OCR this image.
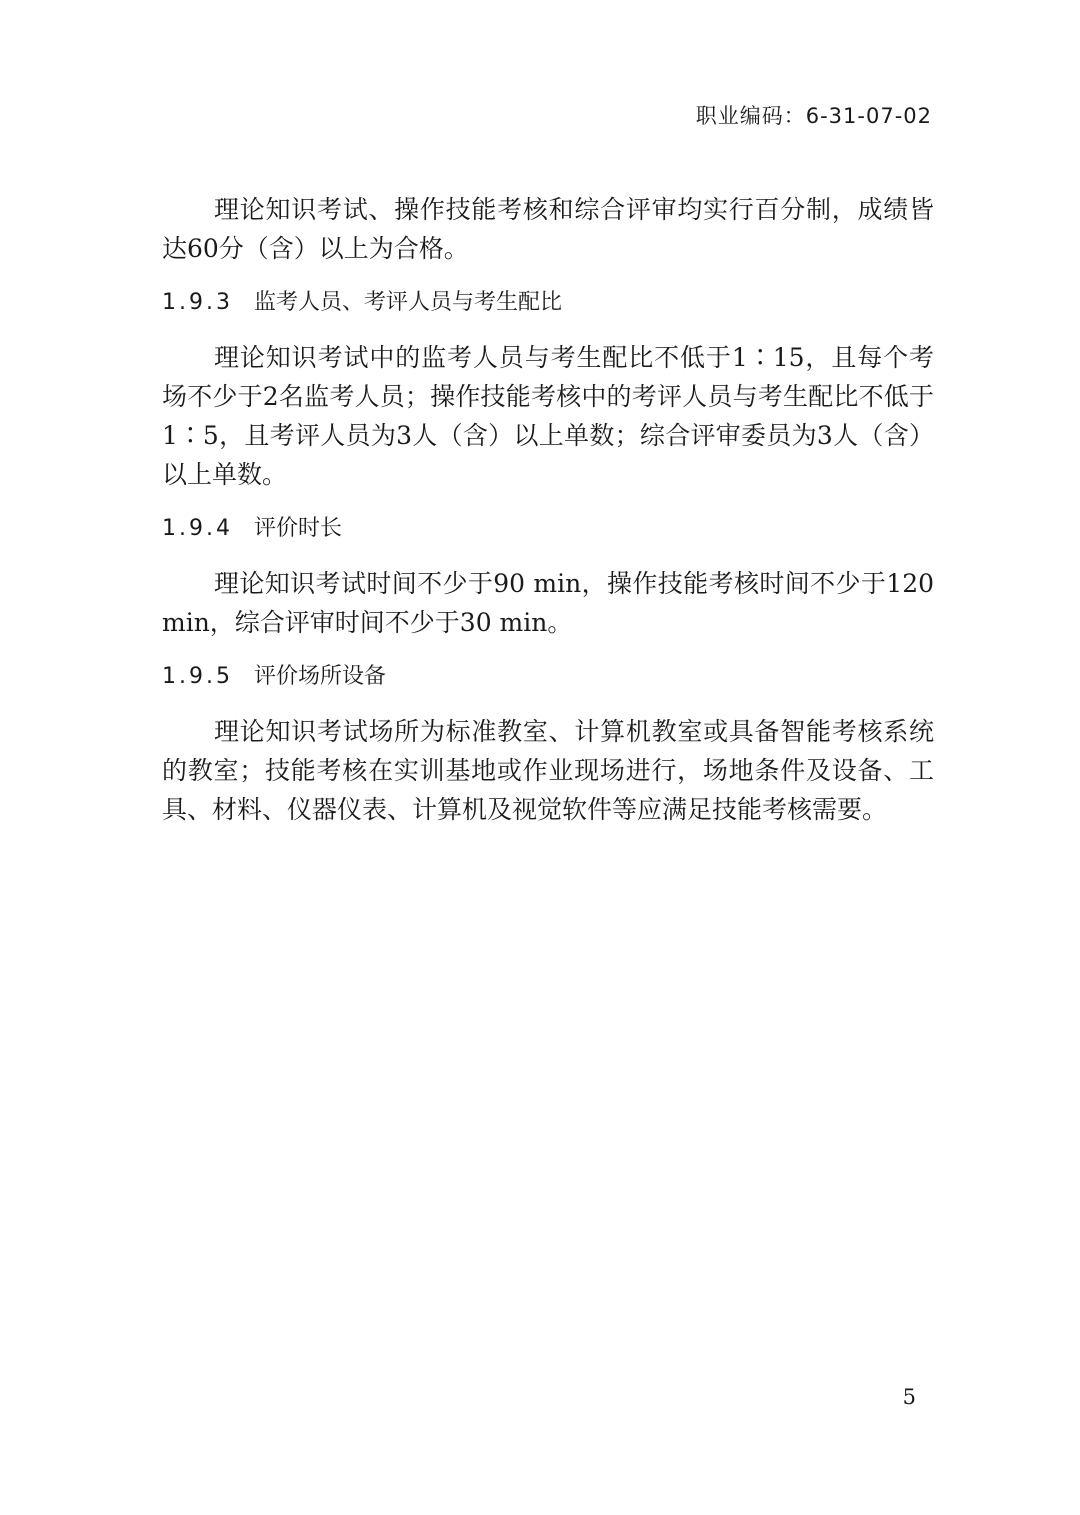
职业编码：6-31-07-02

理论知识考试、操作技能考核和综合评审均实行百分制，成绩皆达60分（含）以上为合格。

1.9.3 监考人员、考评人员与考生配比

理论知识考试中的监考人员与考生配比不低于1∶15，且每个考场不少于2名监考人员；操作技能考核中的考评人员与考生配比不低于1∶5，且考评人员为3人（含）以上单数；综合评审委员为3人（含）以上单数。

1.9.4 评价时长

理论知识考试时间不少于90 min，操作技能考核时间不少于120 min，综合评审时间不少于30 min。

1.9.5 评价场所设备

理论知识考试场所为标准教室、计算机教室或具备智能考核系统的教室；技能考核在实训基地或作业现场进行，场地条件及设备、工具、材料、仪器仪表、计算机及视觉软件等应满足技能考核需要。

5
